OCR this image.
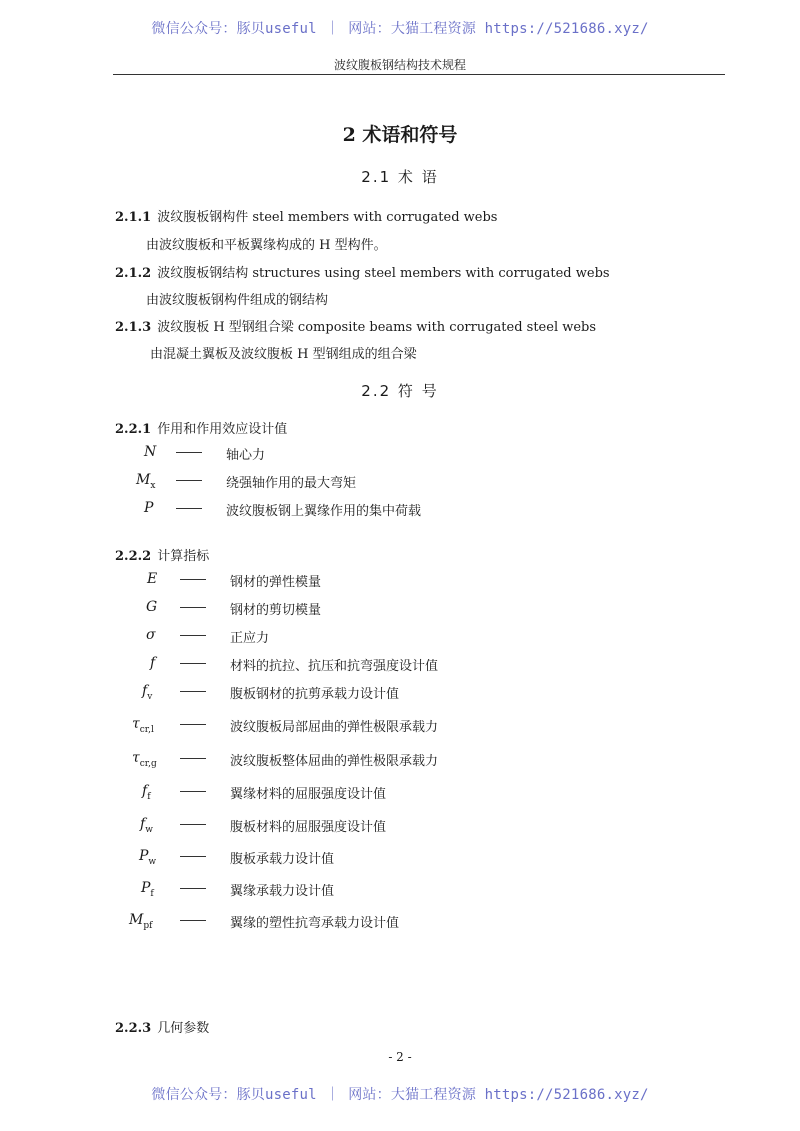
微信公众号：豚贝useful ｜ 网站：大猫工程资源 https://521686.xyz/
波纹腹板钢结构技术规程
2 术语和符号
2.1 术 语
2.1.1 波纹腹板钢构件 steel members with corrugated webs
由波纹腹板和平板翼缘构成的 H 型构件。
2.1.2 波纹腹板钢结构 structures using steel members with corrugated webs
由波纹腹板钢构件组成的钢结构
2.1.3 波纹腹板 H 型钢组合梁 composite beams with corrugated steel webs
由混凝土翼板及波纹腹板 H 型钢组成的组合梁
2.2 符 号
2.2.1 作用和作用效应设计值
N	轴心力
$M_x$	绕强轴作用的最大弯矩
P	波纹腹板钢上翼缘作用的集中荷载
2.2.2 计算指标
E	钢材的弹性模量
G	钢材的剪切模量
σ	正应力
f	材料的抗拉、抗压和抗弯强度设计值
$f_v$	腹板钢材的抗剪承载力设计值
$\tau_{cr,l}$	波纹腹板局部屈曲的弹性极限承载力
$\tau_{cr,g}$	波纹腹板整体屈曲的弹性极限承载力
$f_f$	翼缘材料的屈服强度设计值
$f_w$	腹板材料的屈服强度设计值
$P_w$	腹板承载力设计值
$P_f$	翼缘承载力设计值
$M_{pf}$	翼缘的塑性抗弯承载力设计值
2.2.3 几何参数
- 2 -
微信公众号：豚贝useful ｜ 网站：大猫工程资源 https://521686.xyz/
